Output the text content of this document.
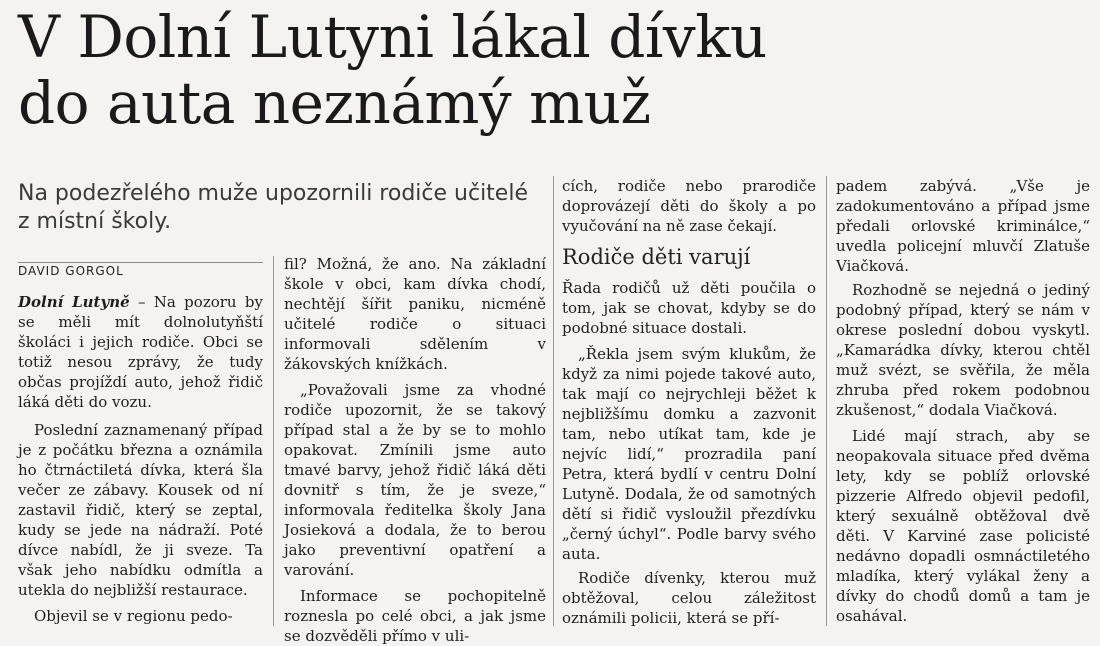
V Dolní Lutyni lákal dívku
do auta neznámý muž

Na podezřelého muže upozornili rodiče učitelé z místní školy.

DAVID GORGOL

Dolní Lutyně – Na pozoru by se měli mít dolnolutyňští školáci i jejich rodiče. Obci se totiž nesou zprávy, že tudy občas projíždí auto, jehož řidič láká děti do vozu.

Poslední zaznamenaný případ je z počátku března a oznámila ho čtrnáctiletá dívka, která šla večer ze zábavy. Kousek od ní zastavil řidič, který se zeptal, kudy se jede na nádraží. Poté dívce nabídl, že ji sveze. Ta však jeho nabídku odmítla a utekla do nejbližší restaurace.

Objevil se v regionu pedo-

fil? Možná, že ano. Na základní škole v obci, kam dívka chodí, nechtějí šířit paniku, nicméně učitelé rodiče o situaci informovali sdělením v žákovských knížkách.

„Považovali jsme za vhodné rodiče upozornit, že se takový případ stal a že by se to mohlo opakovat. Zmínili jsme auto tmavé barvy, jehož řidič láká děti dovnitř s tím, že je sveze,“ informovala ředitelka školy Jana Josieková a dodala, že to berou jako preventivní opatření a varování.

Informace se pochopitelně roznesla po celé obci, a jak jsme se dozvěděli přímo v uli-

cích, rodiče nebo prarodiče doprovázejí děti do školy a po vyučování na ně zase čekají.

Rodiče děti varují

Řada rodičů už děti poučila o tom, jak se chovat, kdyby se do podobné situace dostali.

„Řekla jsem svým klukům, že když za nimi pojede takové auto, tak mají co nejrychleji běžet k nejbližšímu domku a zazvonit tam, nebo utíkat tam, kde je nejvíc lidí,“ prozradila paní Petra, která bydlí v centru Dolní Lutyně. Dodala, že od samotných dětí si řidič vysloužil přezdívku „černý úchyl“. Podle barvy svého auta.

Rodiče dívenky, kterou muž obtěžoval, celou záležitost oznámili policii, která se pří-

padem zabývá. „Vše je zadokumentováno a případ jsme předali orlovské kriminálce,“ uvedla policejní mluvčí Zlatuše Viačková.

Rozhodně se nejedná o jediný podobný případ, který se nám v okrese poslední dobou vyskytl. „Kamarádka dívky, kterou chtěl muž svézt, se svěřila, že měla zhruba před rokem podobnou zkušenost,“ dodala Viačková.

Lidé mají strach, aby se neopakovala situace před dvěma lety, kdy se poblíž orlovské pizzerie Alfredo objevil pedofil, který sexuálně obtěžoval dvě děti. V Karviné zase policisté nedávno dopadli osmnáctiletého mladíka, který vylákal ženy a dívky do chodů domů a tam je osahával.
